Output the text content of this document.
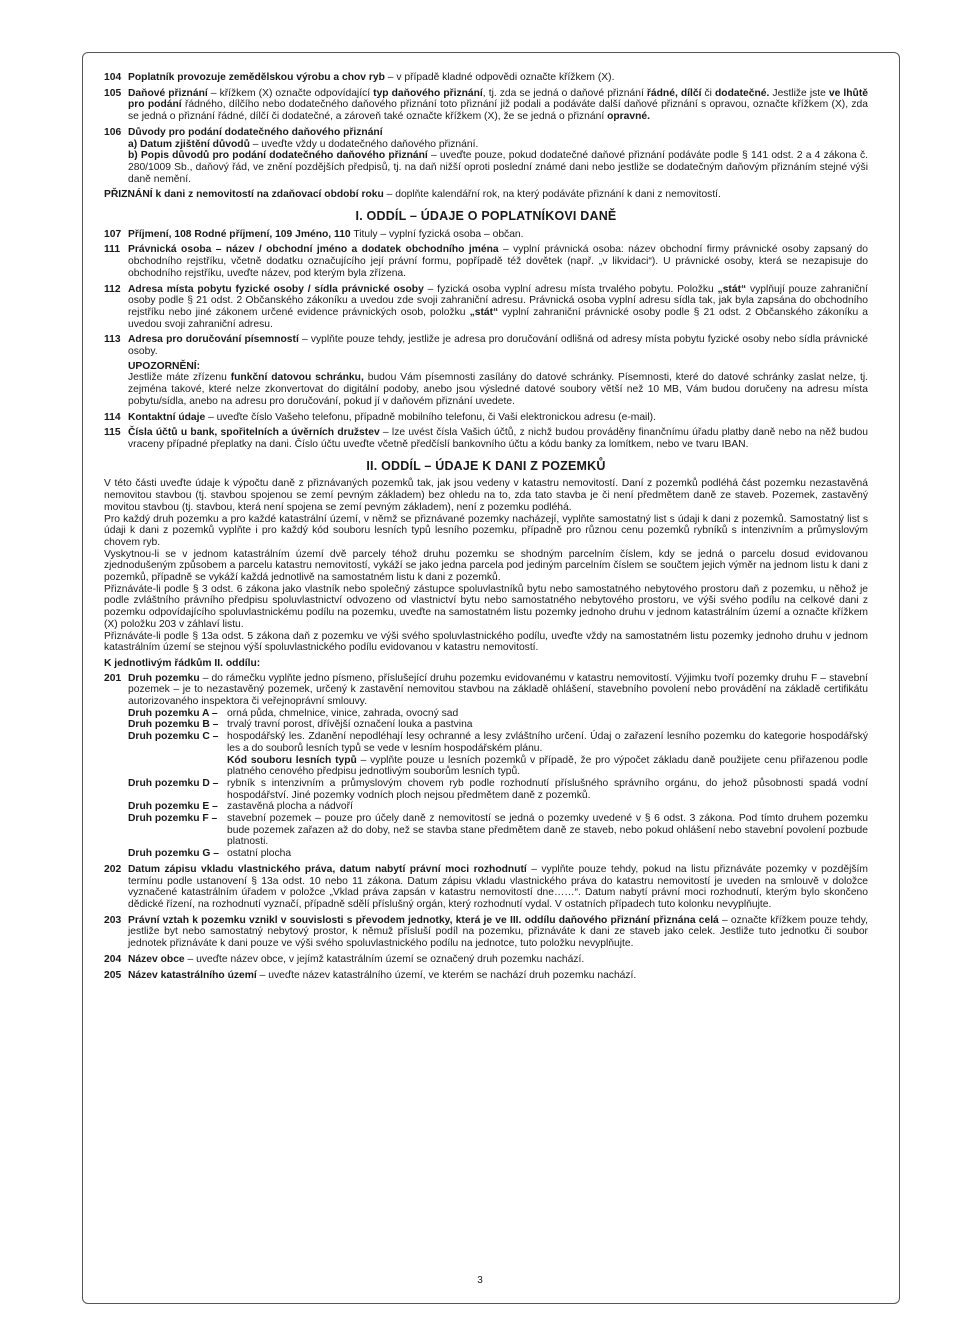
104 Poplatník provozuje zemědělskou výrobu a chov ryb – v případě kladné odpovědi označte křížkem (X).
105 Daňové přiznání – křížkem (X) označte odpovídající typ daňového přiznání, tj. zda se jedná o daňové přiznání řádné, dílčí či dodatečné. Jestliže jste ve lhůtě pro podání řádného, dílčího nebo dodatečného daňového přiznání toto přiznání již podali a podáváte další daňové přiznání s opravou, označte křížkem (X), zda se jedná o přiznání řádné, dílčí či dodatečné, a zároveň také označte křížkem (X), že se jedná o přiznání opravné.
106 Důvody pro podání dodatečného daňového přiznání
a) Datum zjištění důvodů – uveďte vždy u dodatečného daňového přiznání.
b) Popis důvodů pro podání dodatečného daňového přiznání – uveďte pouze, pokud dodatečné daňové přiznání podáváte podle § 141 odst. 2 a 4 zákona č. 280/1009 Sb., daňový řád, ve znění pozdějších předpisů, tj. na daň nižší oproti poslední známé dani nebo jestliže se dodatečným daňovým přiznáním stejné výši daně nemění.
PŘIZNÁNÍ k dani z nemovitostí na zdaňovací období roku – doplňte kalendářní rok, na který podáváte přiznání k dani z nemovitostí.
I. ODDÍL – ÚDAJE O POPLATNÍKOVI DANĚ
107 Příjmení, 108 Rodné příjmení, 109 Jméno, 110 Tituly – vyplní fyzická osoba – občan.
111 Právnická osoba – název / obchodní jméno a dodatek obchodního jména – vyplní právnická osoba: název obchodní firmy právnické osoby zapsaný do obchodního rejstříku, včetně dodatku označujícího její právní formu, popřípadě též dovětek (např. „v likvidaci“). U právnické osoby, která se nezapisuje do obchodního rejstříku, uveďte název, pod kterým byla zřízena.
112 Adresa místa pobytu fyzické osoby / sídla právnické osoby – fyzická osoba vyplní adresu místa trvalého pobytu. Položku „stát“ vyplňují pouze zahraniční osoby podle § 21 odst. 2 Občanského zákoníku a uvedou zde svoji zahraniční adresu. Právnická osoba vyplní adresu sídla tak, jak byla zapsána do obchodního rejstříku nebo jiné zákonem určené evidence právnických osob, položku „stát“ vyplní zahraniční právnické osoby podle § 21 odst. 2 Občanského zákoníku a uvedou svoji zahraniční adresu.
113 Adresa pro doručování písemností – vyplňte pouze tehdy, jestliže je adresa pro doručování odlišná od adresy místa pobytu fyzické osoby nebo sídla právnické osoby.
UPOZORNĚNÍ:
Jestliže máte zřízenu funkční datovou schránku, budou Vám písemnosti zasílány do datové schránky. Písemnosti, které do datové schránky zaslat nelze, tj. zejména takové, které nelze zkonvertovat do digitální podoby, anebo jsou výsledné datové soubory větší než 10 MB, Vám budou doručeny na adresu místa pobytu/sídla, anebo na adresu pro doručování, pokud jí v daňovém přiznání uvedete.
114 Kontaktní údaje – uveďte číslo Vašeho telefonu, případně mobilního telefonu, či Vaši elektronickou adresu (e-mail).
115 Čísla účtů u bank, spořitelních a úvěrních družstev – lze uvést čísla Vašich účtů, z nichž budou prováděny finančnímu úřadu platby daně nebo na něž budou vraceny případné přeplatky na dani. Číslo účtu uveďte včetně předčíslí bankovního účtu a kódu banky za lomítkem, nebo ve tvaru IBAN.
II. ODDÍL – ÚDAJE K DANI Z POZEMKŮ
V této části uveďte údaje k výpočtu daně z přiznávaných pozemků tak, jak jsou vedeny v katastru nemovitostí. Daní z pozemků podléhá část pozemku nezastavěná nemovitou stavbou (tj. stavbou spojenou se zemí pevným základem) bez ohledu na to, zda tato stavba je či není předmětem daně ze staveb. Pozemek, zastavěný movitou stavbou (tj. stavbou, která není spojena se zemí pevným základem), není z pozemku podléhá.
Pro každý druh pozemku a pro každé katastrální území, v němž se přiznávané pozemky nacházejí, vyplňte samostatný list s údaji k dani z pozemků. Samostatný list s údaji k dani z pozemků vyplňte i pro každý kód souboru lesních typů lesního pozemku, případně pro různou cenu pozemků rybníků s intenzivním a průmyslovým chovem ryb.
Vyskytnou-li se v jednom katastrálním území dvě parcely téhož druhu pozemku se shodným parcelním číslem, kdy se jedná o parcelu dosud evidovanou zjednodušeným způsobem a parcelu katastru nemovitostí, vykáží se jako jedna parcela pod jediným parcelním číslem se součtem jejich výměr na jednom listu k dani z pozemků, případně se vykáží každá jednotlivě na samostatném listu k dani z pozemků.
Přiznáváte-li podle § 3 odst. 6 zákona jako vlastník nebo společný zástupce spoluvlastníků bytu nebo samostatného nebytového prostoru daň z pozemku, u něhož je podle zvláštního právního předpisu spoluvlastnictví odvozeno od vlastnictví bytu nebo samostatného nebytového prostoru, ve výši svého podílu na celkové dani z pozemku odpovídajícího spoluvlastnickému podílu na pozemku, uveďte na samostatném listu pozemky jednoho druhu v jednom katastrálním území a označte křížkem (X) položku 203 v záhlaví listu.
Přiznáváte-li podle § 13a odst. 5 zákona daň z pozemku ve výši svého spoluvlastnického podílu, uveďte vždy na samostatném listu pozemky jednoho druhu v jednom katastrálním území se stejnou výší spoluvlastnického podílu evidovanou v katastru nemovitostí.
K jednotlivým řádkům II. oddílu:
201 Druh pozemku – do rámečku vyplňte jedno písmeno, příslušející druhu pozemku evidovanému v katastru nemovitostí. Výjimku tvoří pozemky druhu F – stavební pozemek – je to nezastavěný pozemek, určený k zastavění nemovitou stavbou na základě ohlášení, stavebního povolení nebo provádění na základě certifikátu autorizovaného inspektora či veřejnoprávní smlouvy.
Druh pozemku A – orná půda, chmelnice, vinice, zahrada, ovocný sad
Druh pozemku B – trvalý travní porost, dřívější označení louka a pastvina
Druh pozemku C – hospodářský les. Zdanění nepodléhají lesy ochranné a lesy zvláštního určení. Údaj o zařazení lesního pozemku do kategorie hospodářský les a do souborů lesních typů se vede v lesním hospodářském plánu.
Kód souboru lesních typů – vyplňte pouze u lesních pozemků v případě, že pro výpočet základu daně použijete cenu přiřazenou podle platného cenového předpisu jednotlivým souborům lesních typů.
Druh pozemku D – rybník s intenzivním a průmyslovým chovem ryb podle rozhodnutí příslušného správního orgánu, do jehož působnosti spadá vodní hospodářství. Jiné pozemky vodních ploch nejsou předmětem daně z pozemků.
Druh pozemku E – zastavěná plocha a nádvoří
Druh pozemku F – stavební pozemek – pouze pro účely daně z nemovitostí se jedná o pozemky uvedené v § 6 odst. 3 zákona. Pod tímto druhem pozemku bude pozemek zařazen až do doby, než se stavba stane předmětem daně ze staveb, nebo pokud ohlášení nebo stavební povolení pozbude platnosti.
Druh pozemku G – ostatní plocha
202 Datum zápisu vkladu vlastnického práva, datum nabytí právní moci rozhodnutí – vyplňte pouze tehdy, pokud na listu přiznáváte pozemky v pozdějším termínu podle ustanovení § 13a odst. 10 nebo 11 zákona. Datum zápisu vkladu vlastnického práva do katastru nemovitostí je uveden na smlouvě v doložce vyznačené katastrálním úřadem v položce „Vklad práva zapsán v katastru nemovitostí dne……“. Datum nabytí právní moci rozhodnutí, kterým bylo skončeno dědické řízení, na rozhodnutí vyznačí, případně sdělí příslušný orgán, který rozhodnutí vydal. V ostatních případech tuto kolonku nevyplňujte.
203 Právní vztah k pozemku vznikl v souvislosti s převodem jednotky, která je ve III. oddílu daňového přiznání přiznána celá – označte křížkem pouze tehdy, jestliže byt nebo samostatný nebytový prostor, k němuž přísluší podíl na pozemku, přiznáváte k dani ze staveb jako celek. Jestliže tuto jednotku či soubor jednotek přiznáváte k dani pouze ve výši svého spoluvlastnického podílu na jednotce, tuto položku nevyplňujte.
204 Název obce – uveďte název obce, v jejímž katastrálním území se označený druh pozemku nachází.
205 Název katastrálního území – uveďte název katastrálního území, ve kterém se nachází druh pozemku nachází.
3
